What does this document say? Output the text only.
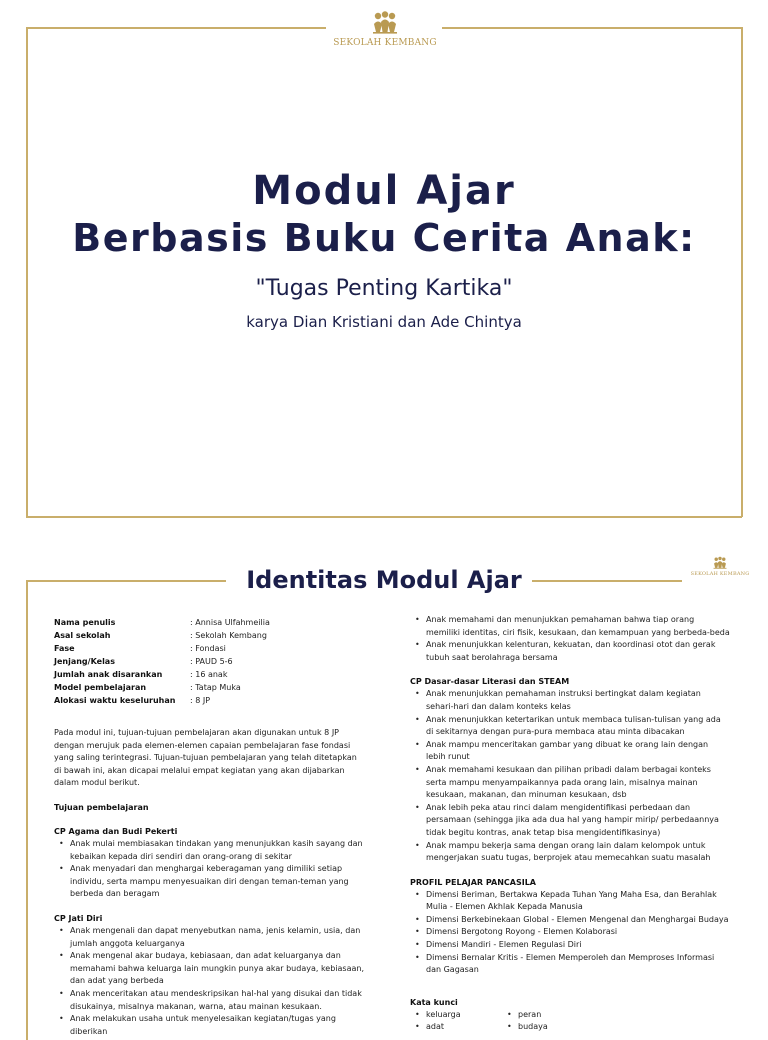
SEKOLAH KEMBANG
Modul Ajar
Berbasis Buku Cerita Anak:
"Tugas Penting Kartika"
karya Dian Kristiani dan Ade Chintya
SEKOLAH KEMBANG
Identitas Modul Ajar
Nama penulis	: Annisa Ulfahmeilia
Asal sekolah	: Sekolah Kembang
Fase	: Fondasi
Jenjang/Kelas	: PAUD 5-6
Jumlah anak disarankan	: 16 anak
Model pembelajaran	: Tatap Muka
Alokasi waktu keseluruhan	: 8 JP

Pada modul ini, tujuan-tujuan pembelajaran akan digunakan untuk 8 JP dengan merujuk pada elemen-elemen capaian pembelajaran fase fondasi yang saling terintegrasi. Tujuan-tujuan pembelajaran yang telah ditetapkan di bawah ini, akan dicapai melalui empat kegiatan yang akan dijabarkan dalam modul berikut.

Tujuan pembelajaran
CP Agama dan Budi Pekerti
• Anak mulai membiasakan tindakan yang menunjukkan kasih sayang dan kebaikan kepada diri sendiri dan orang-orang di sekitar
• Anak menyadari dan menghargai keberagaman yang dimiliki setiap individu, serta mampu menyesuaikan diri dengan teman-teman yang berbeda dan beragam
CP Jati Diri
• Anak mengenali dan dapat menyebutkan nama, jenis kelamin, usia, dan jumlah anggota keluarganya
• Anak mengenal akar budaya, kebiasaan, dan adat keluarganya dan memahami bahwa keluarga lain mungkin punya akar budaya, kebiasaan, dan adat yang berbeda
• Anak menceritakan atau mendeskripsikan hal-hal yang disukai dan tidak disukainya, misalnya makanan, warna, atau mainan kesukaan.
• Anak melakukan usaha untuk menyelesaikan kegiatan/tugas yang diberikan
• Anak memahami dan menunjukkan pemahaman bahwa tiap orang memiliki identitas, ciri fisik, kesukaan, dan kemampuan yang berbeda-beda
• Anak menunjukkan kelenturan, kekuatan, dan koordinasi otot dan gerak tubuh saat berolahraga bersama
CP Dasar-dasar Literasi dan STEAM
• Anak menunjukkan pemahaman instruksi bertingkat dalam kegiatan sehari-hari dan dalam konteks kelas
• Anak menunjukkan ketertarikan untuk membaca tulisan-tulisan yang ada di sekitarnya dengan pura-pura membaca atau minta dibacakan
• Anak mampu menceritakan gambar yang dibuat ke orang lain dengan lebih runut
• Anak memahami kesukaan dan pilihan pribadi dalam berbagai konteks serta mampu menyampaikannya pada orang lain, misalnya mainan kesukaan, makanan, dan minuman kesukaan, dsb
• Anak lebih peka atau rinci dalam mengidentifikasi perbedaan dan persamaan (sehingga jika ada dua hal yang hampir mirip/ perbedaannya tidak begitu kontras, anak tetap bisa mengidentifikasinya)
• Anak mampu bekerja sama dengan orang lain dalam kelompok untuk mengerjakan suatu tugas, berprojek atau memecahkan suatu masalah
PROFIL PELAJAR PANCASILA
• Dimensi Beriman, Bertakwa Kepada Tuhan Yang Maha Esa, dan Berahlak Mulia - Elemen Akhlak Kepada Manusia
• Dimensi Berkebinekaan Global - Elemen Mengenal dan Menghargai Budaya
• Dimensi Bergotong Royong - Elemen Kolaborasi
• Dimensi Mandiri - Elemen Regulasi Diri
• Dimensi Bernalar Kritis - Elemen Memperoleh dan Memproses Informasi dan Gagasan
Kata kunci
• keluarga
• adat
• peran
• budaya
